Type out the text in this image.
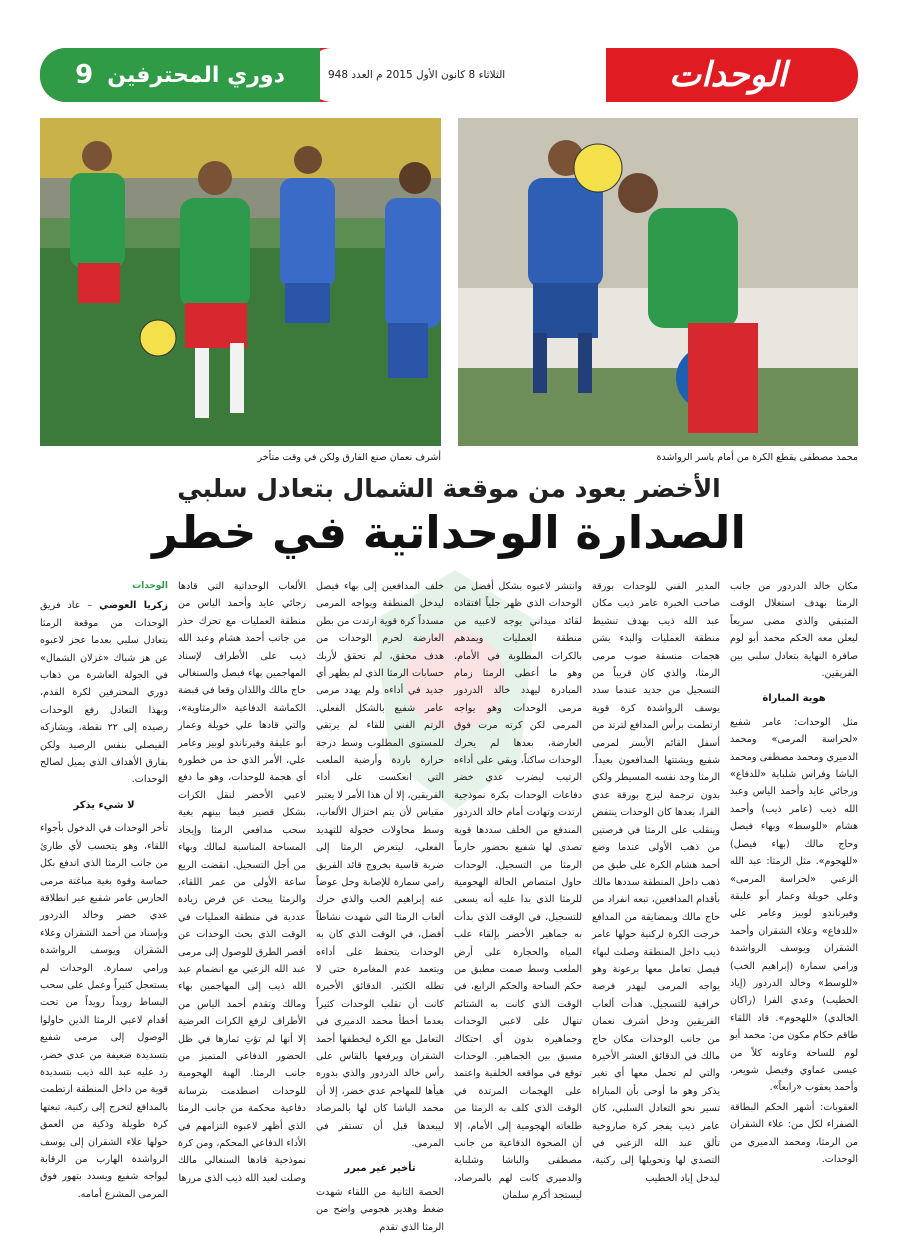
الثلاثاء 8 كانون الأول 2015 م العدد 948
9 دوري المحترفين	الوحدات
أشرف نعمان صنع الفارق ولكن في وقت متأخر	محمد مصطفى يقطع الكرة من أمام ياسر الرواشدة
الأخضر يعود من موقعة الشمال بتعادل سلبي
الصدارة الوحداتية في خطر

الوحدات

زكريا العوضي – عاد فريق الوحدات من موقعة الرمثا بتعادل سلبي بعدما عجز لاعبوه عن هز شباك «غزلان الشمال» في الجولة العاشرة من ذهاب دوري المحترفين لكرة القدم، وبهذا التعادل رفع الوحدات رصيده إلى ٢٢ نقطة، ويشاركه الفيصلي بنفس الرصيد ولكن بفارق الأهداف الذي يميل لصالح الوحدات.

لا شيء يذكر

تأخر الوحدات في الدخول بأجواء اللقاء، وهو يتحسب لأي طارئ من جانب الرمثا الذي اندفع بكل حماسة وقوة بغية مباغتة مرمى الحارس عامر شفيع عبر انطلاقة عدي خضر وخالد الدردور وبإسناد من أحمد الشقران وعلاء الشقران ويوسف الرواشدة ورامي سمارة. الوحدات لم يستعجل كثيراً وعمل على سحب البساط رويداً رويداً من تحت أقدام لاعبي الرمثا الذين حاولوا الوصول إلى مرمى شفيع بتسديدة ضعيفة من عدي خضر، رد عليه عبد الله ذيب بتسديدة قوية من داخل المنطقة ارتطمت بالمدافع لتخرج إلى ركنية، تبعتها كرة طويلة وذكية من العمق حولها علاء الشقران إلى يوسف الرواشدة الهارب من الرقابة ليواجه شفيع ويسدد بتهور فوق المرمى المشرع أمامه.

الألعاب الوحداتية التي قادها رجائي عايد وأحمد الياس من منطقة العمليات مع تحرك حذر من جانب أحمد هشام وعبد الله ذيب على الأطراف لإسناد المهاجمين بهاء فيصل والسنغالي حاج مالك واللذان وقعا في قبضة الكماشة الدفاعية «الرمثاوية»، والتي قادها علي خويلة وعمار أبو عليقة وفيرناندو لوبيز وعامر علي، الأمر الذي حد من خطورة أي هجمة للوحدات، وهو ما دفع لاعبي الأخضر لنقل الكرات بشكل قصير فيما بينهم بغية سحب مدافعي الرمثا وإيجاد المساحة المناسبة لمالك وبهاء من أجل التسجيل. انقضت الربع ساعة الأولى من عمر اللقاء، والرمثا يبحث عن فرض زيادة عددية في منطقة العمليات في الوقت الذي بحث الوحدات عن أقصر الطرق للوصول إلى مرمى عبد الله الزعبي مع انضمام عبد الله ذيب إلى المهاجمين بهاء ومالك وتقدم أحمد الياس من الأطراف لرفع الكرات العرضية إلا أنها لم تؤتِ ثمارها في ظل الحضور الدفاعي المتميز من جانب الرمثا. الهبة الهجومية للوحدات اصطدمت بترسانة دفاعية محكمة من جانب الرمثا الذي أظهر لاعبوه التزامهم في الأداء الدفاعي المحكم، ومن كرة نموذجية قادها السنغالي مالك وصلت لعبد الله ذيب الذي مررها

خلف المدافعين إلى بهاء فيصل ليدخل المنطقة ويواجه المرمى مسدداً كرة قوية ارتدت من بطن العارضة لحرم الوحدات من هدف محقق، لم تحقق لأربك حسابات الرمثا الذي لم يظهر أي جديد في أداءه ولم يهدد مرمى عامر شفيع بالشكل الفعلي. الرتم الفني للقاء لم يرتقي للمستوى المطلوب وسط درجة حرارة باردة وأرضية الملعب التي انعكست على أداء الفريقين، إلا أن هذا الأمر لا يعتبر مقياس لأن يتم اختزال الألعاب، وسط محاولات خجولة للتهديد الفعلي، ليتعرض الرمثا إلى ضربة قاسية بخروج قائد الفريق رامي سمارة للإصابة وحل عوضاً عنه إبراهيم الخب والذي حرك ألعاب الرمثا التي شهدت نشاطاً أفضل، في الوقت الذي كان به الوحدات يتحفظ على أداءه ويتعمد عدم المغامرة حتى لا تطله الكثير. الدقائق الأخيرة كانت أن تقلب الوحدات كثيراً بعدما أخطأ محمد الدميري في التعامل مع الكرة ليخطفها أحمد الشقران ويرفعها بالقاس على رأس خالد الدردور والذي بدوره هيأها للمهاجم عدي خضر، إلا أن محمد الباشا كان لها بالمرصاد ليبعدها قبل أن تستقر في المرمى.

تأخير غير مبرر

الحصة الثانية من اللقاء شهدت ضغط وهدير هجومي واضح من الرمثا الذي تقدم

وانتشر لاعبوه بشكل أفضل من الوحدات الذي ظهر جلياً افتقاده لقائد ميداني يوجه لاعبيه من منطقة العمليات ويمدهم بالكرات المطلوبة في الأمام، وهو ما أعطى الرمثا زمام المبادرة ليهدد خالد الدردور مرمى الوحدات وهو يواجه المرمى لكن كرته مرت فوق العارضة، بعدها لم يحرك الوحدات ساكناً، وبقي على أداءه الرتيب ليضرب عدي خضر دفاعات الوحدات بكرة نموذجية ارتدت وتهادت أمام خالد الدردور المندفع من الخلف سددها قوية تصدى لها شفيع بحضور حارماً الرمثا من التسجيل. الوحدات حاول امتصاص الحالة الهجومية للرمثا الذي بدا عليه أنه يسعى للتسجيل، في الوقت الذي بدأت به جماهير الأخضر بإلقاء علب المياه والحجارة على أرض الملعب وسط صمت مطبق من حكم الساحة والحكم الرابع، في الوقت الذي كانت به الشتائم تنهال على لاعبي الوحدات وجماهيره بدون أي احتكاك مسبق بين الجماهير. الوحدات توقع في مواقعه الخلفية واعتمد على الهجمات المرتدة في الوقت الذي كلف به الرمثا من طلعاته الهجومية إلى الأمام، إلا أن الصحوة الدفاعية من جانب مصطفى والباشا وشلباية والدميري كانت لهم بالمرصاد، ليستجد أكرم سلمان

المدير الفني للوحدات بورقة صاحب الخبرة عامر ذيب مكان عبد الله ذيب بهدف تنشيط منطقة العمليات والبدء بشن هجمات منسقة صوب مرمى الرمثا، والذي كان قريباً من التسجيل من جديد عندما سدد يوسف الرواشدة كرة قوية ارتطمت برأس المدافع لترتد من أسفل القائم الأيسر لمرمى شفيع ويشتتها المدافعون بعيداً. الرمثا وجد نفسه المسيطر ولكن بدون ترجمة ليزج بورقة عدي الفرا، بعدها كان الوحدات ينتفض وينقلب على الرمثا في فرصتين من ذهب الأولى عندما وضع أحمد هشام الكرة على طبق من ذهب داخل المنطقة سددها مالك بأقدام المدافعين، تبعه انفراد من حاج مالك وبمضايقة من المدافع خرجت الكرة لركنية حولها عامر ذيب داخل المنطقة وصلت لبهاء فيصل تعامل معها برعونة وهو يواجه المرمى ليهدر فرصة خرافية للتسجيل. هدأت ألعاب الفريقين ودخل أشرف نعمان من جانب الوحدات مكان حاج مالك في الدقائق العشر الأخيرة والتي لم تحمل معها أي تغير يذكر وهو ما أوحى بأن المباراة تسير نحو التعادل السلبي، كان عامر ذيب يفجر كرة صاروخية تألق عبد الله الزعبي في التصدي لها وتحويلها إلى ركنية، ليدخل إياد الخطيب

مكان خالد الدردور من جانب الرمثا بهدف استغلال الوقت المتبقي والذي مضى سريعاً ليعلن معه الحكم محمد أبو لوم صافرة النهاية بتعادل سلبي بين الفريقين.

هوية المباراة

مثل الوحدات: عامر شفيع «لحراسة المرمى» ومحمد الدميري ومحمد مصطفى ومحمد الباشا وفراس شلباية «للدفاع» ورجائي عايد وأحمد الياس وعبد الله ذيب (عامر ذيب) وأحمد هشام «للوسط» وبهاء فيصل وحاج مالك (بهاء فيصل) «للهجوم». مثل الرمثا: عبد الله الزعبي «لحراسة المرمى» وعلي خويلة وعمار أبو عليقة وفيرناندو لوبيز وعامر علي «للدفاع» وعلاء الشقران وأحمد الشقران ويوسف الرواشدة ورامي سمارة (إبراهيم الخب) «للوسط» وخالد الدردور (إياد الخطيب) وعدي الفرا (راكان الخالدي) «للهجوم». قاد اللقاء طاقم حكام مكون من: محمد أبو لوم للساحة وعاونه كلاً من عيسى عماوي وفيصل شويعر، وأحمد يعقوب «رابعاً».

العقوبات: أشهر الحكم البطاقة الصفراء لكل من: علاء الشقران من الرمثا، ومحمد الدميري من الوحدات.
